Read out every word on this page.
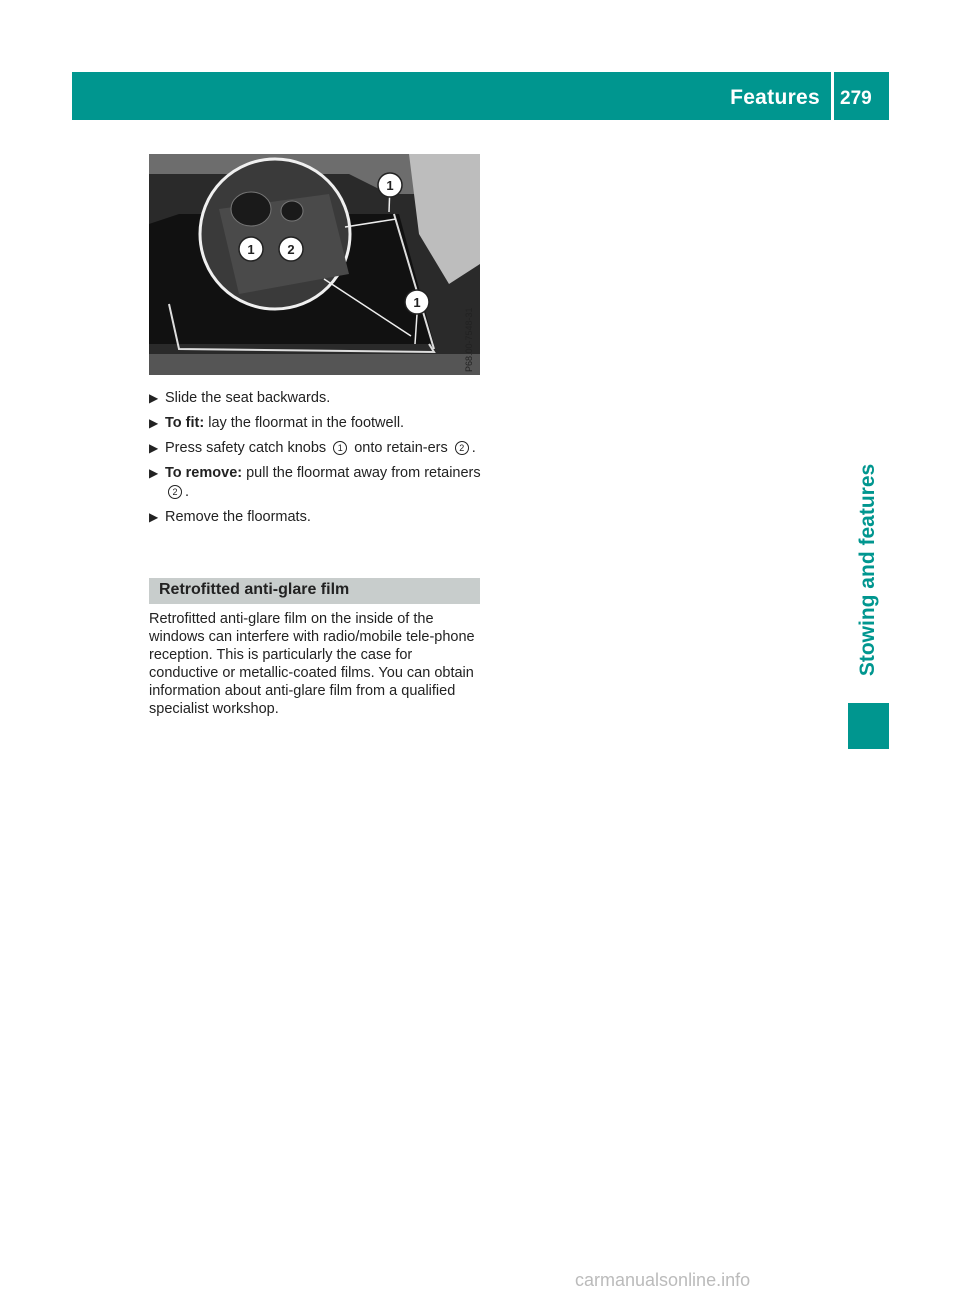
Features 279
Stowing and features
1
1	2
1
P68.00-7548-31
▶ Slide the seat backwards.
▶ To fit: lay the floormat in the footwell.
▶ Press safety catch knobs 1 onto retain-ers 2 .
▶ To remove: pull the floormat away from retainers 2 .
▶ Remove the floormats.
Retrofitted anti-glare film
Retrofitted anti-glare film on the inside of the windows can interfere with radio/mobile tele-phone reception. This is particularly the case for conductive or metallic-coated films. You can obtain information about anti-glare film from a qualified specialist workshop.
carmanualsonline.info
